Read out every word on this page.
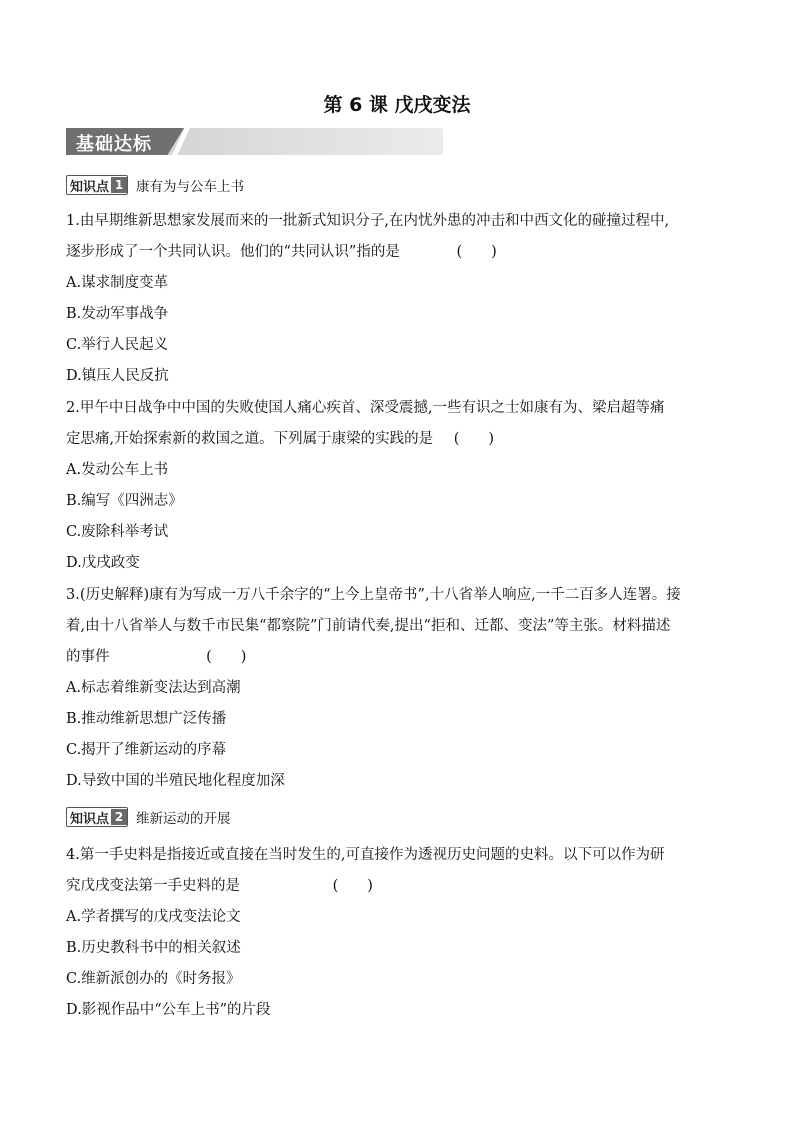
第 6 课 戊戌变法
基础达标
知识点 1 康有为与公车上书
1.由早期维新思想家发展而来的一批新式知识分子,在内忧外患的冲击和中西文化的碰撞过程中,
逐步形成了一个共同认识。他们的“共同认识”指的是	(　　)
A.谋求制度变革
B.发动军事战争
C.举行人民起义
D.镇压人民反抗
2.甲午中日战争中中国的失败使国人痛心疾首、深受震撼,一些有识之士如康有为、梁启超等痛
定思痛,开始探索新的救国之道。下列属于康梁的实践的是 (　　)
A.发动公车上书
B.编写《四洲志》
C.废除科举考试
D.戊戌政变
3.(历史解释)康有为写成一万八千余字的“上今上皇帝书”,十八省举人响应,一千二百多人连署。接
着,由十八省举人与数千市民集“都察院”门前请代奏,提出“拒和、迁都、变法”等主张。材料描述
的事件	(　　)
A.标志着维新变法达到高潮
B.推动维新思想广泛传播
C.揭开了维新运动的序幕
D.导致中国的半殖民地化程度加深
知识点 2 维新运动的开展
4.第一手史料是指接近或直接在当时发生的,可直接作为透视历史问题的史料。以下可以作为研
究戊戌变法第一手史料的是	(　　)
A.学者撰写的戊戌变法论文
B.历史教科书中的相关叙述
C.维新派创办的《时务报》
D.影视作品中“公车上书”的片段
